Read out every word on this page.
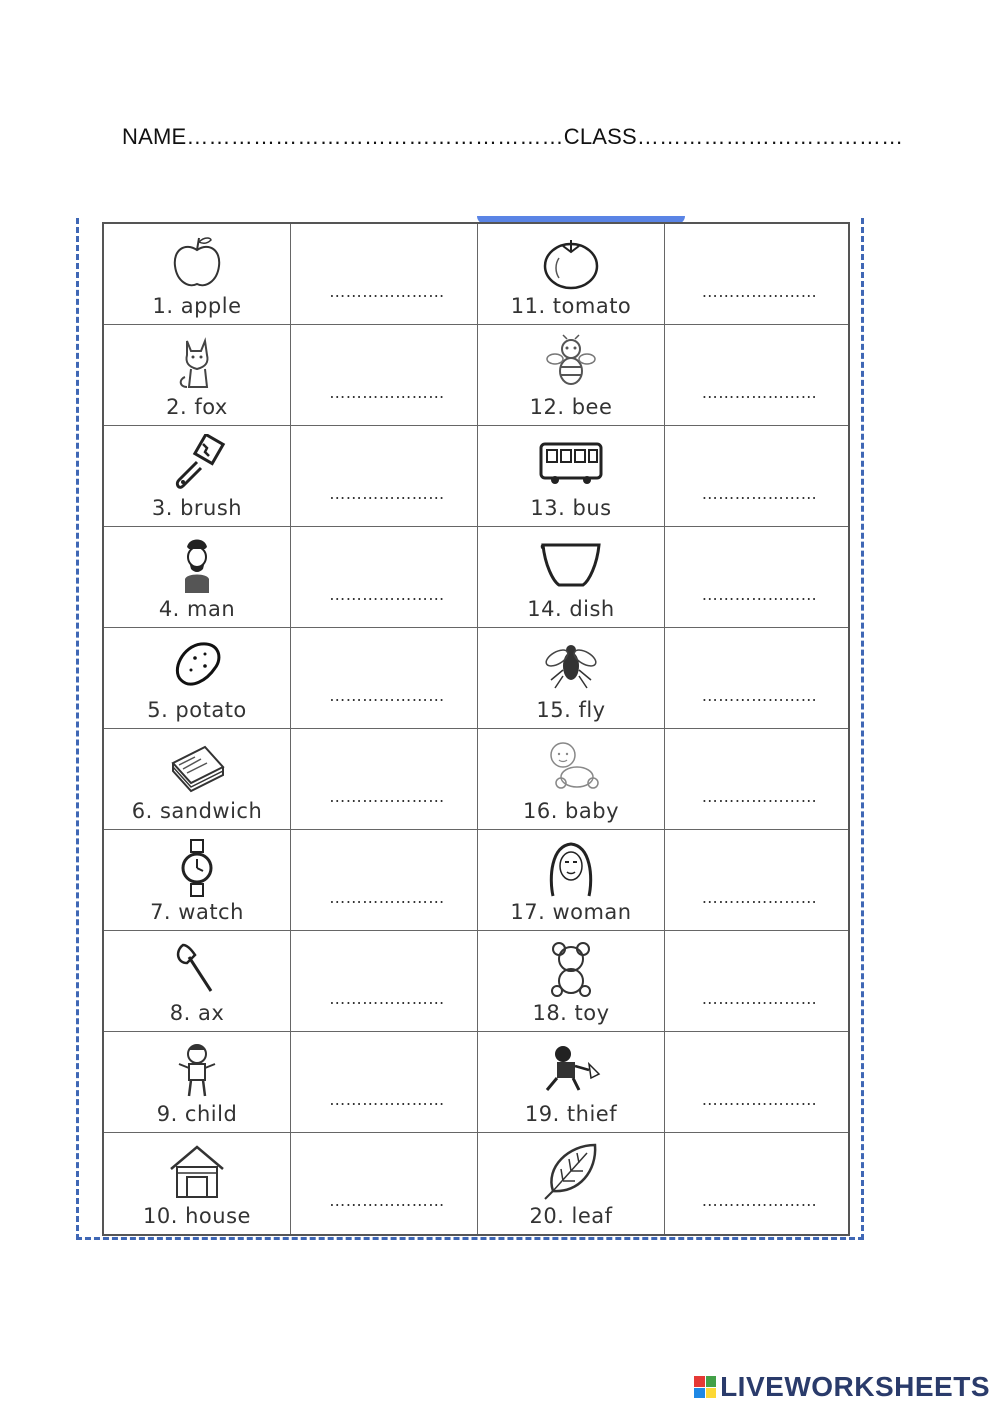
NAME……………………………………………CLASS………………………………
1. apple
…………………
11. tomato
…………………
2. fox
…………………
12. bee
…………………
3. brush
…………………
13. bus
…………………
4. man
…………………
14. dish
…………………
5. potato
…………………
15. fly
…………………
6. sandwich
…………………
16. baby
…………………
7. watch
…………………
17. woman
…………………
8. ax
…………………
18. toy
…………………
9. child
…………………
19. thief
…………………
10. house
…………………
20. leaf
…………………
LIVEWORKSHEETS
